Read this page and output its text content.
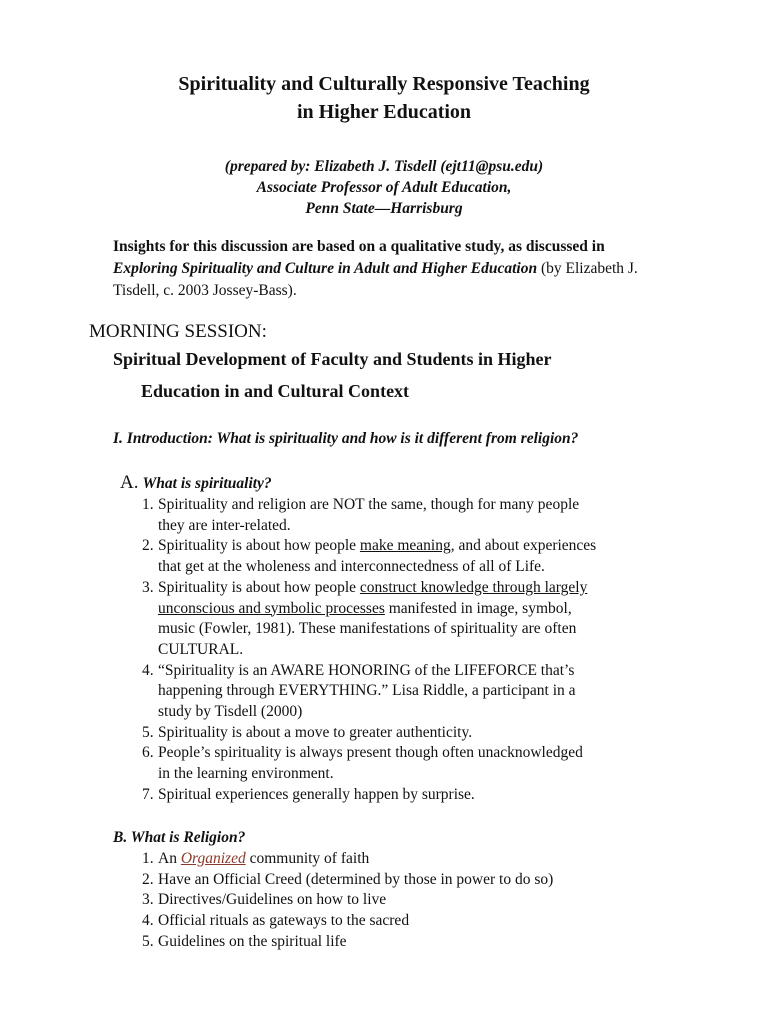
Spirituality and Culturally Responsive Teaching
in Higher Education
(prepared by: Elizabeth J. Tisdell (ejt11@psu.edu)
Associate Professor of Adult Education,
Penn State—Harrisburg
Insights for this discussion are based on a qualitative study, as discussed in Exploring Spirituality and Culture in Adult and Higher Education (by Elizabeth J. Tisdell, c. 2003 Jossey-Bass).
MORNING SESSION:
Spiritual Development of Faculty and Students in Higher
Education in and Cultural Context
I. Introduction: What is spirituality and how is it different from religion?
A. What is spirituality?
1. Spirituality and religion are NOT the same, though for many people
they are inter-related.
2. Spirituality is about how people make meaning, and about experiences
that get at the wholeness and interconnectedness of all of Life.
3. Spirituality is about how people construct knowledge through largely
unconscious and symbolic processes manifested in image, symbol,
music (Fowler, 1981). These manifestations of spirituality are often
CULTURAL.
4. “Spirituality is an AWARE HONORING of the LIFEFORCE that’s
happening through EVERYTHING.” Lisa Riddle, a participant in a
study by Tisdell (2000)
5. Spirituality is about a move to greater authenticity.
6. People’s spirituality is always present though often unacknowledged
in the learning environment.
7. Spiritual experiences generally happen by surprise.
B. What is Religion?
1. An Organized community of faith
2. Have an Official Creed (determined by those in power to do so)
3. Directives/Guidelines on how to live
4. Official rituals as gateways to the sacred
5. Guidelines on the spiritual life
